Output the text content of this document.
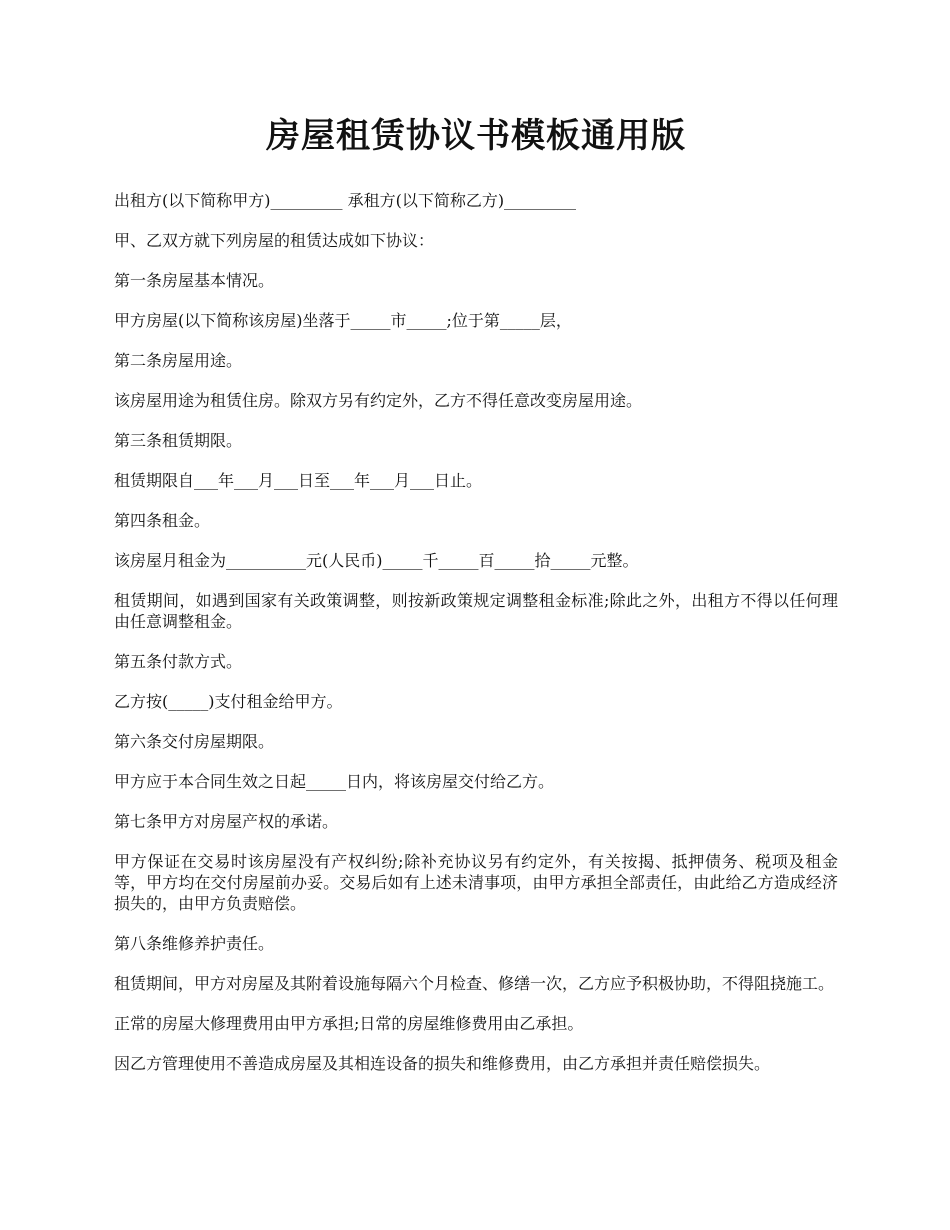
房屋租赁协议书模板通用版

出租方(以下简称甲方)_________ 承租方(以下简称乙方)_________

甲、乙双方就下列房屋的租赁达成如下协议：

第一条房屋基本情况。

甲方房屋(以下简称该房屋)坐落于_____市_____;位于第_____层，

第二条房屋用途。

该房屋用途为租赁住房。除双方另有约定外，乙方不得任意改变房屋用途。

第三条租赁期限。

租赁期限自___年___月___日至___年___月___日止。

第四条租金。

该房屋月租金为__________元(人民币)_____千_____百_____拾_____元整。

租赁期间，如遇到国家有关政策调整，则按新政策规定调整租金标准;除此之外，出租方不得以任何理由任意调整租金。

第五条付款方式。

乙方按(_____)支付租金给甲方。

第六条交付房屋期限。

甲方应于本合同生效之日起_____日内，将该房屋交付给乙方。

第七条甲方对房屋产权的承诺。

甲方保证在交易时该房屋没有产权纠纷;除补充协议另有约定外，有关按揭、抵押债务、税项及租金等，甲方均在交付房屋前办妥。交易后如有上述未清事项，由甲方承担全部责任，由此给乙方造成经济损失的，由甲方负责赔偿。

第八条维修养护责任。

租赁期间，甲方对房屋及其附着设施每隔六个月检查、修缮一次，乙方应予积极协助，不得阻挠施工。

正常的房屋大修理费用由甲方承担;日常的房屋维修费用由乙承担。

因乙方管理使用不善造成房屋及其相连设备的损失和维修费用，由乙方承担并责任赔偿损失。
